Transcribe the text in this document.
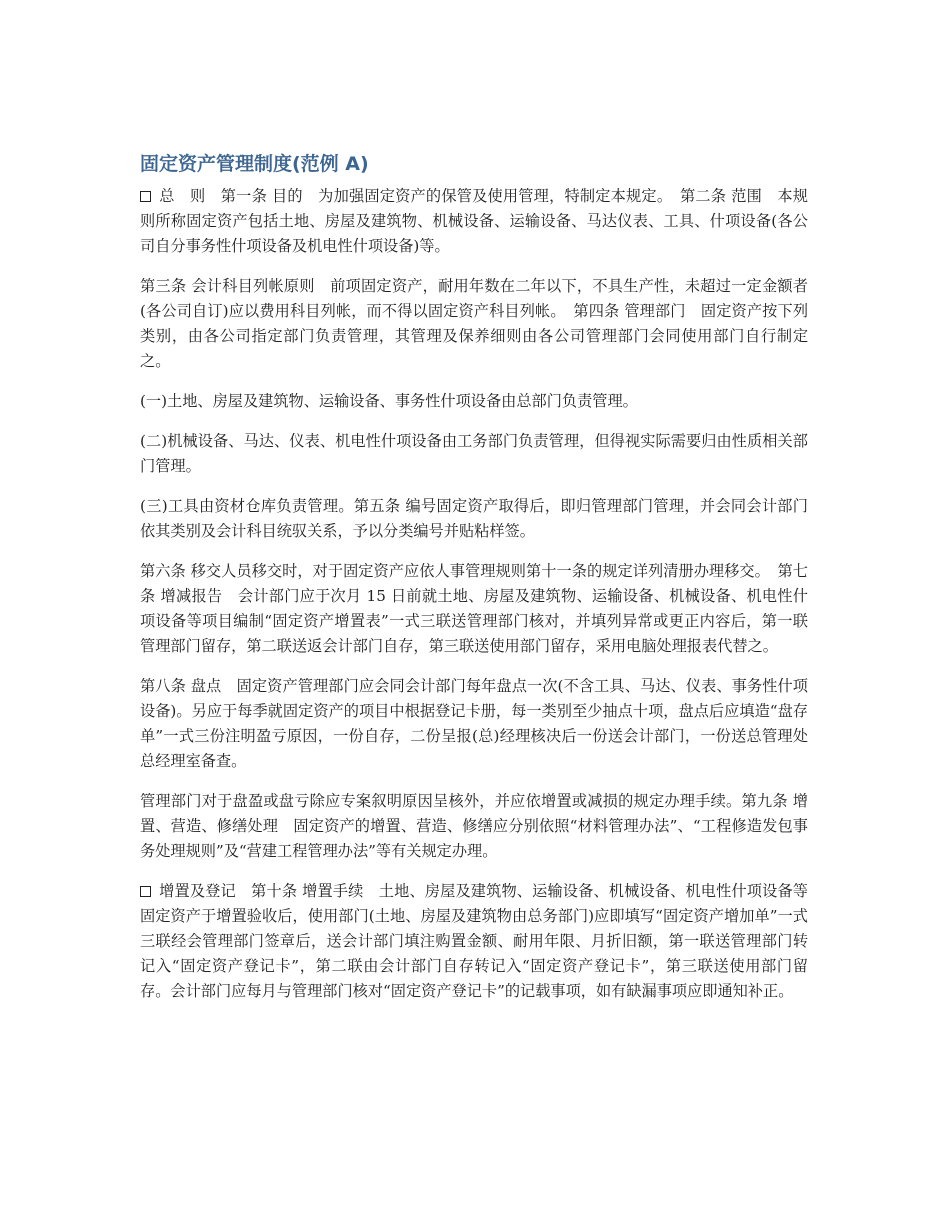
固定资产管理制度(范例 A)

总　则　第一条 目的　为加强固定资产的保管及使用管理，特制定本规定。　第二条 范围　本规则所称固定资产包括土地、房屋及建筑物、机械设备、运输设备、马达仪表、工具、什项设备(各公司自分事务性什项设备及机电性什项设备)等。

第三条 会计科目列帐原则　前项固定资产，耐用年数在二年以下，不具生产性，未超过一定金额者(各公司自订)应以费用科目列帐，而不得以固定资产科目列帐。　第四条 管理部门　固定资产按下列类别，由各公司指定部门负责管理，其管理及保养细则由各公司管理部门会同使用部门自行制定之。

(一)土地、房屋及建筑物、运输设备、事务性什项设备由总部门负责管理。

(二)机械设备、马达、仪表、机电性什项设备由工务部门负责管理，但得视实际需要归由性质相关部门管理。

(三)工具由资材仓库负责管理。第五条 编号固定资产取得后，即归管理部门管理，并会同会计部门依其类别及会计科目统驭关系，予以分类编号并贴粘样签。

第六条 移交人员移交时，对于固定资产应依人事管理规则第十一条的规定详列清册办理移交。　第七条 增减报告　会计部门应于次月 15 日前就土地、房屋及建筑物、运输设备、机械设备、机电性什项设备等项目编制“固定资产增置表”一式三联送管理部门核对，并填列异常或更正内容后，第一联管理部门留存，第二联送返会计部门自存，第三联送使用部门留存，采用电脑处理报表代替之。

第八条 盘点　固定资产管理部门应会同会计部门每年盘点一次(不含工具、马达、仪表、事务性什项设备)。另应于每季就固定资产的项目中根据登记卡册，每一类别至少抽点十项，盘点后应填造“盘存单”一式三份注明盈亏原因，一份自存，二份呈报(总)经理核决后一份送会计部门，一份送总管理处总经理室备查。

管理部门对于盘盈或盘亏除应专案叙明原因呈核外，并应依增置或减损的规定办理手续。第九条 增置、营造、修缮处理　固定资产的增置、营造、修缮应分别依照“材料管理办法”、“工程修造发包事务处理规则”及“营建工程管理办法”等有关规定办理。

增置及登记　第十条 增置手续　土地、房屋及建筑物、运输设备、机械设备、机电性什项设备等固定资产于增置验收后，使用部门(土地、房屋及建筑物由总务部门)应即填写“固定资产增加单”一式三联经会管理部门签章后，送会计部门填注购置金额、耐用年限、月折旧额，第一联送管理部门转记入“固定资产登记卡”，第二联由会计部门自存转记入“固定资产登记卡”，第三联送使用部门留存。会计部门应每月与管理部门核对“固定资产登记卡”的记载事项，如有缺漏事项应即通知补正。
